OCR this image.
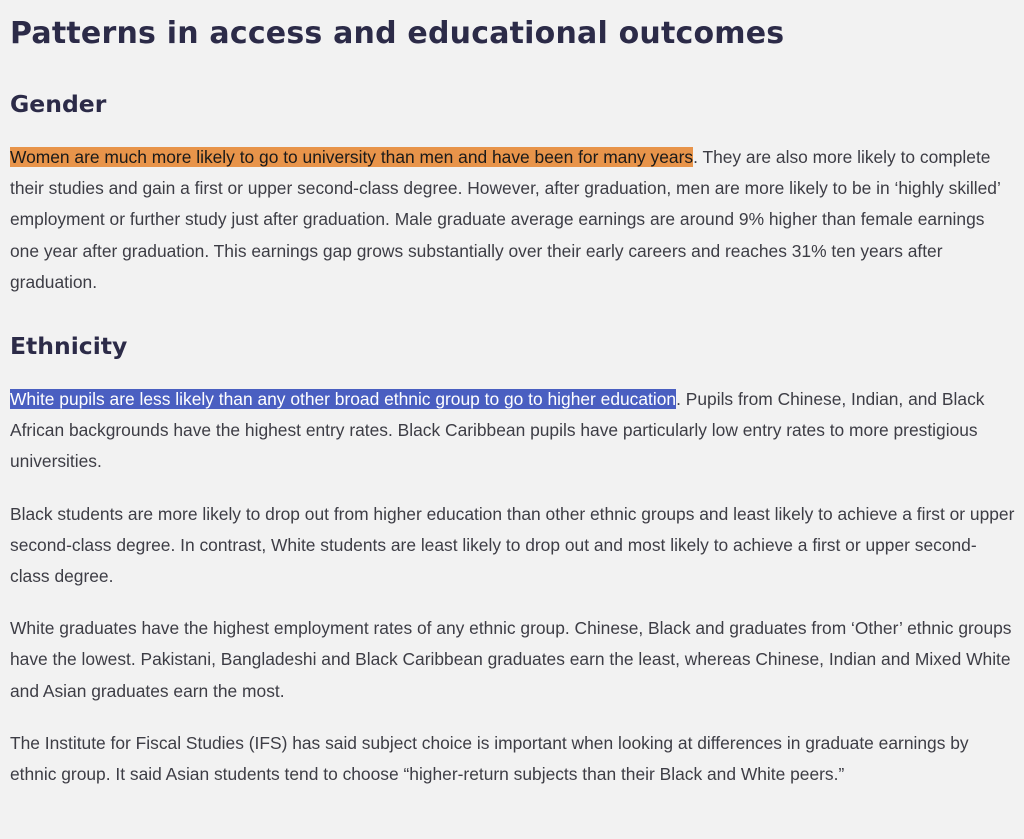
Patterns in access and educational outcomes
Gender

Women are much more likely to go to university than men and have been for many years. They are also more likely to complete their studies and gain a first or upper second-class degree. However, after graduation, men are more likely to be in ‘highly skilled’ employment or further study just after graduation. Male graduate average earnings are around 9% higher than female earnings one year after graduation. This earnings gap grows substantially over their early careers and reaches 31% ten years after graduation.

Ethnicity

White pupils are less likely than any other broad ethnic group to go to higher education. Pupils from Chinese, Indian, and Black African backgrounds have the highest entry rates. Black Caribbean pupils have particularly low entry rates to more prestigious universities.

Black students are more likely to drop out from higher education than other ethnic groups and least likely to achieve a first or upper second-class degree. In contrast, White students are least likely to drop out and most likely to achieve a first or upper second-class degree.

White graduates have the highest employment rates of any ethnic group. Chinese, Black and graduates from ‘Other’ ethnic groups have the lowest. Pakistani, Bangladeshi and Black Caribbean graduates earn the least, whereas Chinese, Indian and Mixed White and Asian graduates earn the most.

The Institute for Fiscal Studies (IFS) has said subject choice is important when looking at differences in graduate earnings by ethnic group. It said Asian students tend to choose “higher-return subjects than their Black and White peers.”
